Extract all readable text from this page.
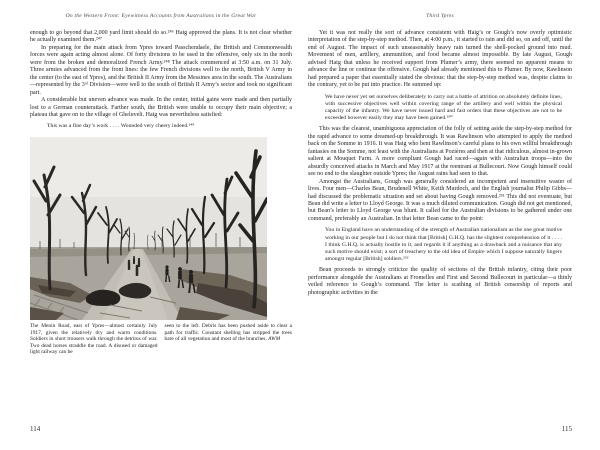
On the Western Front: Eyewitness Accounts from Australians in the Great War

enough to go beyond that 2,000 yard limit should do so.²⁴⁶ Haig approved the plans. It is not clear whether he actually examined them.²⁴⁷

In preparing for the main attack from Ypres toward Passchendaele, the British and Commonwealth forces were again acting almost alone. Of forty divisions to be used in the offensive, only six in the north were from the broken and demoralized French Army.²⁴⁸ The attack commenced at 3:50 a.m. on 31 July. Three armies advanced from the front lines: the few French divisions well to the north, British V Army in the center (to the east of Ypres), and the British II Army from the Messines area in the south. The Australians—represented by the 3ʳᵈ Division—were well to the south of British II Army’s sector and took no significant part.

A considerable but uneven advance was made. In the center, initial gains were made and then partially lost to a German counterattack. Farther south, the British were unable to occupy their main objective; a plateau that gave on to the village of Gheluvelt. Haig was nevertheless satisfied:

This was a fine day’s work . . . . Wounded very cheery indeed.²⁴⁹
The Menin Road, east of Ypres—almost certainly July 1917, given the relatively dry and warm conditions. Soldiers in short trousers walk through the detritus of war. Two dead horses straddle the road. A disused or damaged light railway can be
seen to the left. Debris has been pushed aside to clear a path for traffic. Constant shelling has stripped the trees bare of all vegetation and most of the branches. AWM
114
Third Ypres

Yet it was not really the sort of advance consistent with Haig’s or Gough’s now overly optimistic interpretation of the step-by-step method. Then, at 4:00 p.m., it started to rain and did so, on and off, until the end of August. The impact of such unseasonably heavy rain turned the shell-pocked ground into mud. Movement of men, artillery, ammunition, and food became almost impossible. By late August, Gough advised Haig that unless he received support from Plumer’s army, there seemed no apparent means to advance the line or continue the offensive. Gough had already mentioned this to Plumer. By now, Rawlinson had prepared a paper that essentially stated the obvious: that the step-by-step method was, despite claims to the contrary, yet to be put into practice. He summed up:

We have never yet set ourselves deliberately to carry out a battle of attrition on absolutely definite lines, with successive objectives well within covering range of the artillery and well within the physical capacity of the infantry. We have never issued hard and fast orders that these objectives are not to be exceeded however easily they may have been gained.²⁵⁰

This was the clearest, unambiguous appreciation of the folly of setting aside the step-by-step method for the rapid advance to some dreamed-up breakthrough. It was Rawlinson who attempted to apply the method back on the Somme in 1916. It was Haig who bent Rawlinson’s careful plans to his own willful breakthrough fantasies on the Somme, not least with the Australians at Pozières and then at that ridiculous, almost in-grown salient at Mouquet Farm. A more compliant Gough had raced—again with Australian troops—into the absurdly conceived attacks in March and May 1917 at the reentrant at Bullecourt. Now Gough himself could see no end to the slaughter outside Ypres; the August rains had seen to that.

Amongst the Australians, Gough was generally considered an incompetent and insensitive waster of lives. Four men—Charles Bean, Brudenell White, Keith Murdoch, and the English journalist Philip Gibbs—had discussed the problematic situation and set about having Gough removed.²⁵¹ This did not eventuate, but Bean did write a letter to Lloyd George. It was a much diluted communication. Gough did not get mentioned, but Bean’s letter to Lloyd George was blunt. It called for the Australian divisions to be gathered under one command, preferably an Australian. In that letter Bean came to the point:

You in England have an understanding of the strength of Australian nationalism as the one great motive working in our people but I do not think that [British] G.H.Q. has the slightest comprehension of it . . . . I think G.H.Q. is actually hostile to it, and regards it if anything as a drawback and a nuisance that any such motive should exist; a sort of treachery to the old idea of Empire which I suppose naturally lingers amongst regular [British] soldiers.²⁵²

Bean proceeds to strongly criticize the quality of sections of the British infantry, citing their poor performance alongside the Australians at Fromelles and First and Second Bullecourt in particular—a thinly veiled reference to Gough’s command. The letter is scathing of British censorship of reports and photographic activities in the

115
